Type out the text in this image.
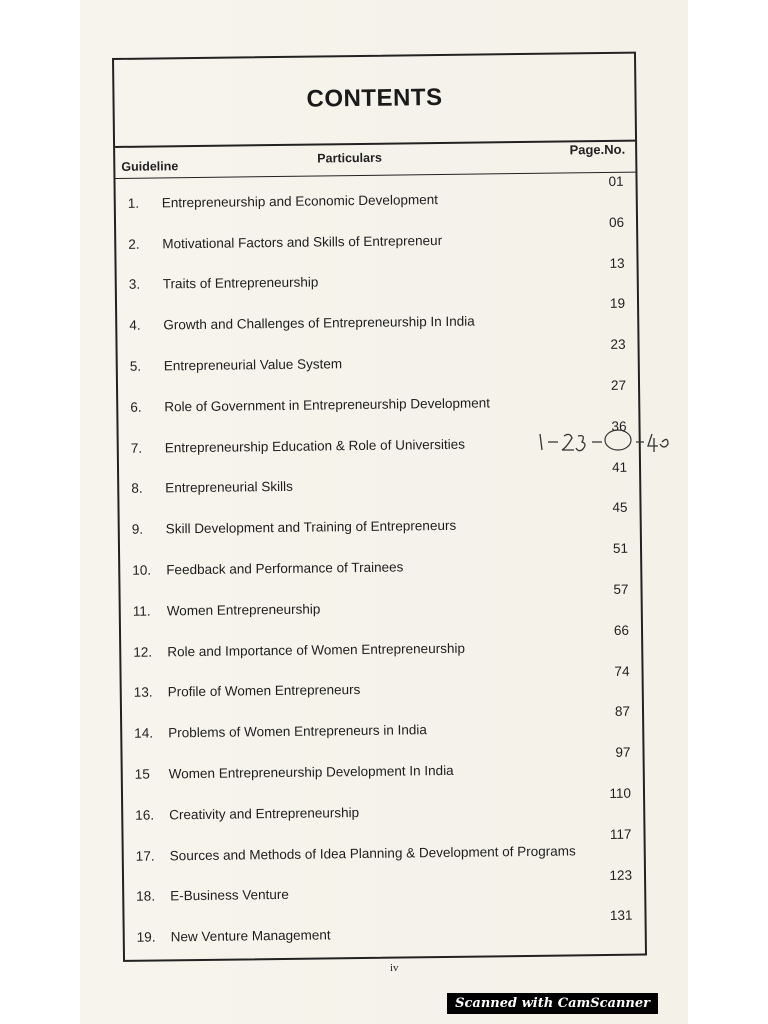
CONTENTS
Guideline
Particulars
Page.No.
1. Entrepreneurship and Economic Development
01
2. Motivational Factors and Skills of Entrepreneur
06
3. Traits of Entrepreneurship
13
4. Growth and Challenges of Entrepreneurship In India
19
5. Entrepreneurial Value System
23
6. Role of Government in Entrepreneurship Development
27
7. Entrepreneurship Education & Role of Universities
36
8. Entrepreneurial Skills
41
9. Skill Development and Training of Entrepreneurs
45
10. Feedback and Performance of Trainees
51
11. Women Entrepreneurship
57
12. Role and Importance of Women Entrepreneurship
66
13. Profile of Women Entrepreneurs
74
14. Problems of Women Entrepreneurs in India
87
15 Women Entrepreneurship Development In India
97
16. Creativity and Entrepreneurship
110
17. Sources and Methods of Idea Planning & Development of Programs
117
18. E-Business Venture
123
19. New Venture Management
131
iv
Scanned with CamScanner
